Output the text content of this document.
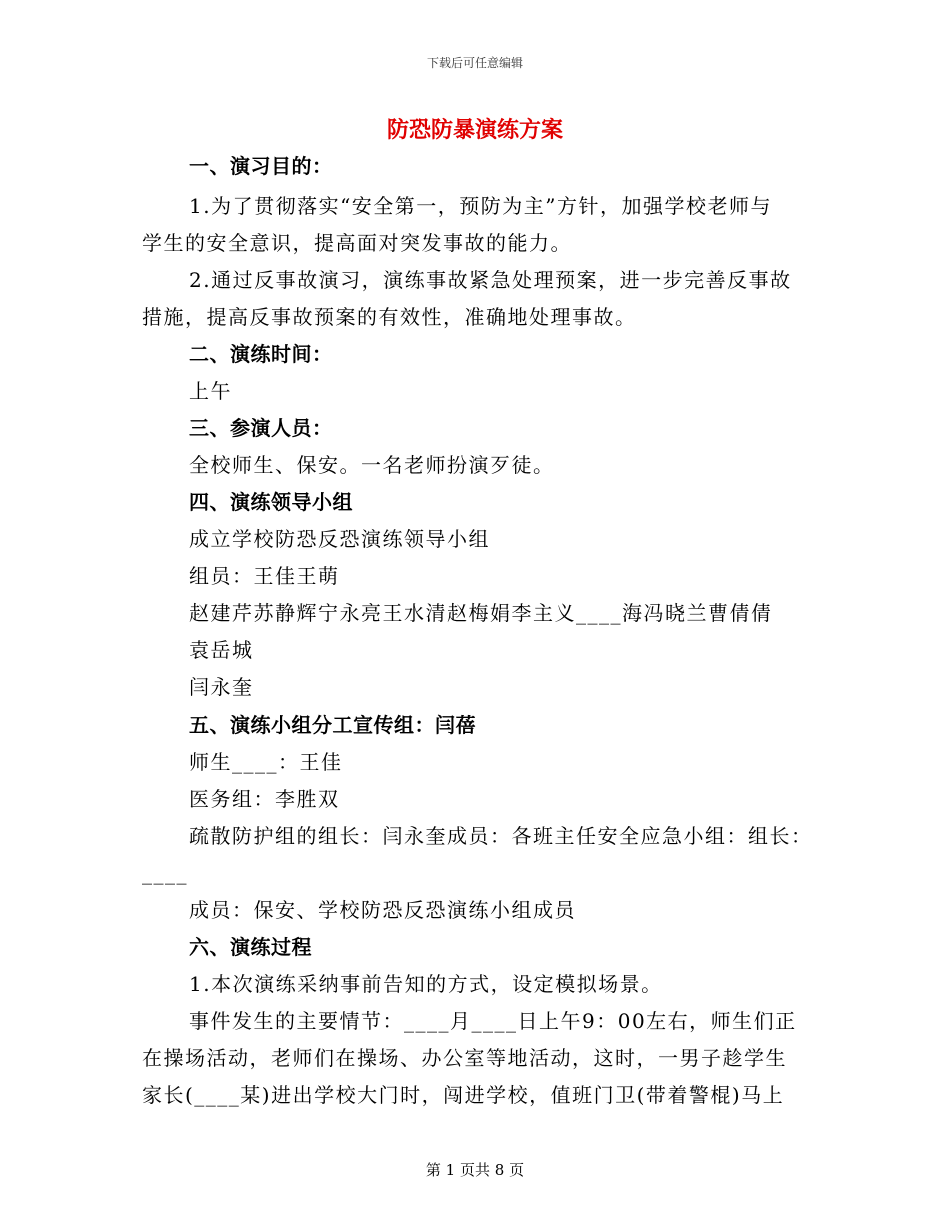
下载后可任意编辑
防恐防暴演练方案
一、演习目的：
1.为了贯彻落实“安全第一，预防为主”方针，加强学校老师与
学生的安全意识，提高面对突发事故的能力。
2.通过反事故演习，演练事故紧急处理预案，进一步完善反事故
措施，提高反事故预案的有效性，准确地处理事故。
二、演练时间：
上午
三、参演人员：
全校师生、保安。一名老师扮演歹徒。
四、演练领导小组
成立学校防恐反恐演练领导小组
组员：王佳王萌
赵建芹苏静辉宁永亮王水清赵梅娟李主义____海冯晓兰曹倩倩
袁岳城
闫永奎
五、演练小组分工宣传组：闫蓓
师生____：王佳
医务组：李胜双
疏散防护组的组长：闫永奎成员：各班主任安全应急小组：组长：
____
成员：保安、学校防恐反恐演练小组成员
六、演练过程
1.本次演练采纳事前告知的方式，设定模拟场景。
事件发生的主要情节：____月____日上午9：00左右，师生们正
在操场活动，老师们在操场、办公室等地活动，这时，一男子趁学生
家长(____某)进出学校大门时，闯进学校，值班门卫(带着警棍)马上
第 1 页共 8 页
